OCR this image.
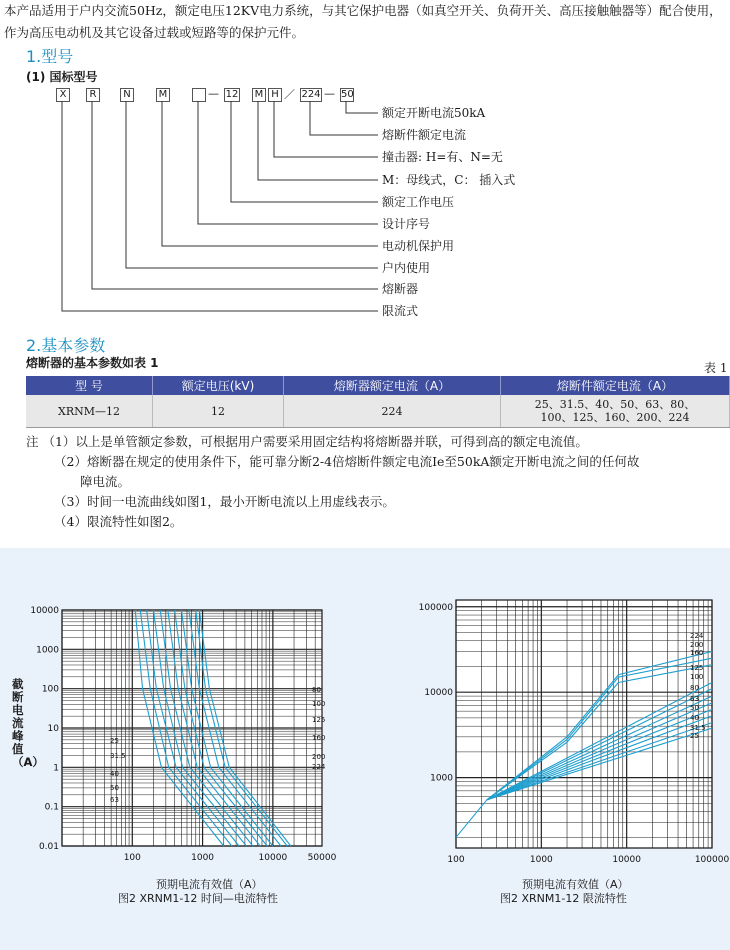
本产品适用于户内交流50Hz，额定电压12KV电力系统，与其它保护电器（如真空开关、负荷开关、高压接触触器等）配合使用，作为高压电动机及其它设备过载或短路等的保护元件。
1.型号
(1) 国标型号
X	R	N	M	— 12 M H ／ 224 — 50
额定开断电流50kA
熔断件额定电流
撞击器: H=有、N=无
M：母线式，C： 插入式
额定工作电压
设计序号
电动机保护用
户内使用
熔断器
限流式
2.基本参数
熔断器的基本参数如表 1	表 1
型 号	额定电压(kV)	熔断器额定电流（A）	熔断件额定电流（A）
XRNM—12	12	224	25、31.5、40、50、63、80、
100、125、160、200、224
注 （1）以上是单管额定参数，可根据用户需要采用固定结构将熔断器并联，可得到高的额定电流值。
（2）熔断器在规定的使用条件下，能可靠分断2-4倍熔断件额定电流Ie至50kA额定开断电流之间的任何故
障电流。
（3）时间一电流曲线如图1，最小开断电流以上用虚线表示。
（4）限流特性如图2。
100	1000	10000 50000
10000
1000
100
10
1
0.1
0.01
25
31.5
40
50
63
80
100
125
160
200
224
100	1000	10000	100000
100000
10000
1000
224
200
160
125
100
80
63
50
40
31.5
25
预期电流有效值（A）
图2 XRNM1-12 时间—电流特性
预期电流有效值（A）
图2 XRNM1-12 限流特性
截断电流峰值（A）
